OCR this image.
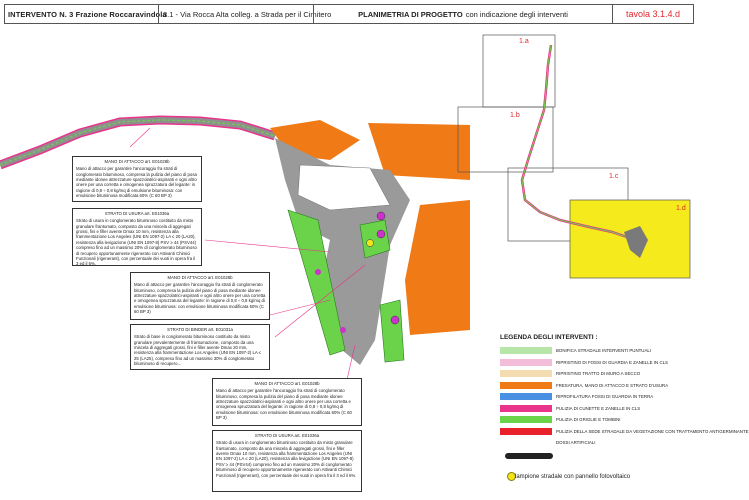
INTERVENTO N. 3 Frazione Roccaravindola
3.1 - Via Rocca Alta colleg. a Strada per il Cimitero	PLANIMETRIA DI PROGETTO con indicazione degli interventi	tavola 3.1.4.d
1.a
1.b
1.c
1.d
MANO DI ATTACCO art. E01028b
Mano di attacco per garantire l'ancoraggio fra strati di conglomerato bituminoso, compresa la pulizia del piano di posa mediante idonee attrezzature spazzolatrici-aspiranti e ogni altro onere per una corretta e omogenea spruzzatura del legante: in ragione di 0,8 ÷ 0,8 kg/mq di emulsione bituminosa: con emulsione bituminosa modificata 60% (C 60 BP 3)
STRATO DI USURA art. E01036a
Strato di usura in conglomerato bituminoso costituito da misto granulare frantumato, composto da una miscela di aggregati grossi, fini e filler avente Dmax 10 mm, resistenza alla frammentazione Los Angeles (UNI EN 1097-2) LA ≤ 20 (LA20), resistenza alla levigazione (UNI EN 1097-8) PSV ≥ 44 (PSV44) compreso fino ad un massimo 20% di conglomerato bituminoso di recupero opportunamente rigenerato con Attivanti Chimici Funzionali (rigenerant), con percentuale dei vuoti in opera fra il 3 ed il 6%.
MANO DI ATTACCO art. E01028b
Mano di attacco per garantire l'ancoraggio fra strati di conglomerato bituminoso, compresa la pulizia del piano di posa mediante idonee attrezzature spazzolatrici-aspiranti e ogni altro onere per una corretta e omogenea spruzzatura del legante: in ragione di 0,8 ÷ 0,8 kg/mq di emulsione bituminosa: con emulsione bituminosa modificata 60% (C 60 BP 3)
STRATO DI BINDER art. E01031a
Strato di base in conglomerato bituminoso costituito da misto granulare prevalentemente di frantumazione, composto da una miscela di aggregati grossi, fini e filler avente Dmax 20 mm, resistenza alla frammentazione Los Angeles (UNI EN 1097-2) LA ≤ 25 (LA25), compreso fino ad un massimo 30% di conglomerato bituminoso di recupero...
MANO DI ATTACCO art. E01028b
Mano di attacco per garantire l'ancoraggio fra strati di conglomerato bituminoso, compresa la pulizia del piano di posa mediante idonee attrezzature spazzolatrici-aspiranti e ogni altro onere per una corretta e omogenea spruzzatura del legante: in ragione di 0,8 ÷ 0,8 kg/mq di emulsione bituminosa: con emulsione bituminosa modificata 60% (C 60 BP 3)
STRATO DI USURA art. E01036a
Strato di usura in conglomerato bituminoso costituito da misto granulare frantumato, composto da una miscela di aggregati grossi, fini e filler avente Dmax 10 mm, resistenza alla frammentazione Los Angeles (UNI EN 1097-2) LA ≤ 20 (LA20), resistenza alla levigazione (UNI EN 1097-8) PSV ≥ 44 (PSV44) compreso fino ad un massimo 20% di conglomerato bituminoso di recupero opportunamente rigenerato con Attivanti Chimici Funzionali (rigenerant), con percentuale dei vuoti in opera fra il 3 ed il 6%.
LEGENDA DEGLI INTERVENTI :
BONIFICA STRADALE INTERVENTI PUNTUALI
RIPRISTINO DI FOSSI DI GUARDIA E ZANELLE IN CLS
RIPRISTINO TRATTO DI MURO A SECCO
FRESATURA, MANO DI ATTACCO E STRATO D'USURA
RIPROFILATURA FOSSI DI GUARDIA IN TERRA
PULIZIA DI CUNETTE E ZANELLE IN CLS
PULIZIA DI GRIGLIE E TOMBINI
PULIZIA DELLA SEDE STRADALE DA VEGETAZIONE CON TRATTAMENTO ANTIGERMINANTE
DOSSI ARTIFICIALI
lampione stradale con pannello fotovoltaico
